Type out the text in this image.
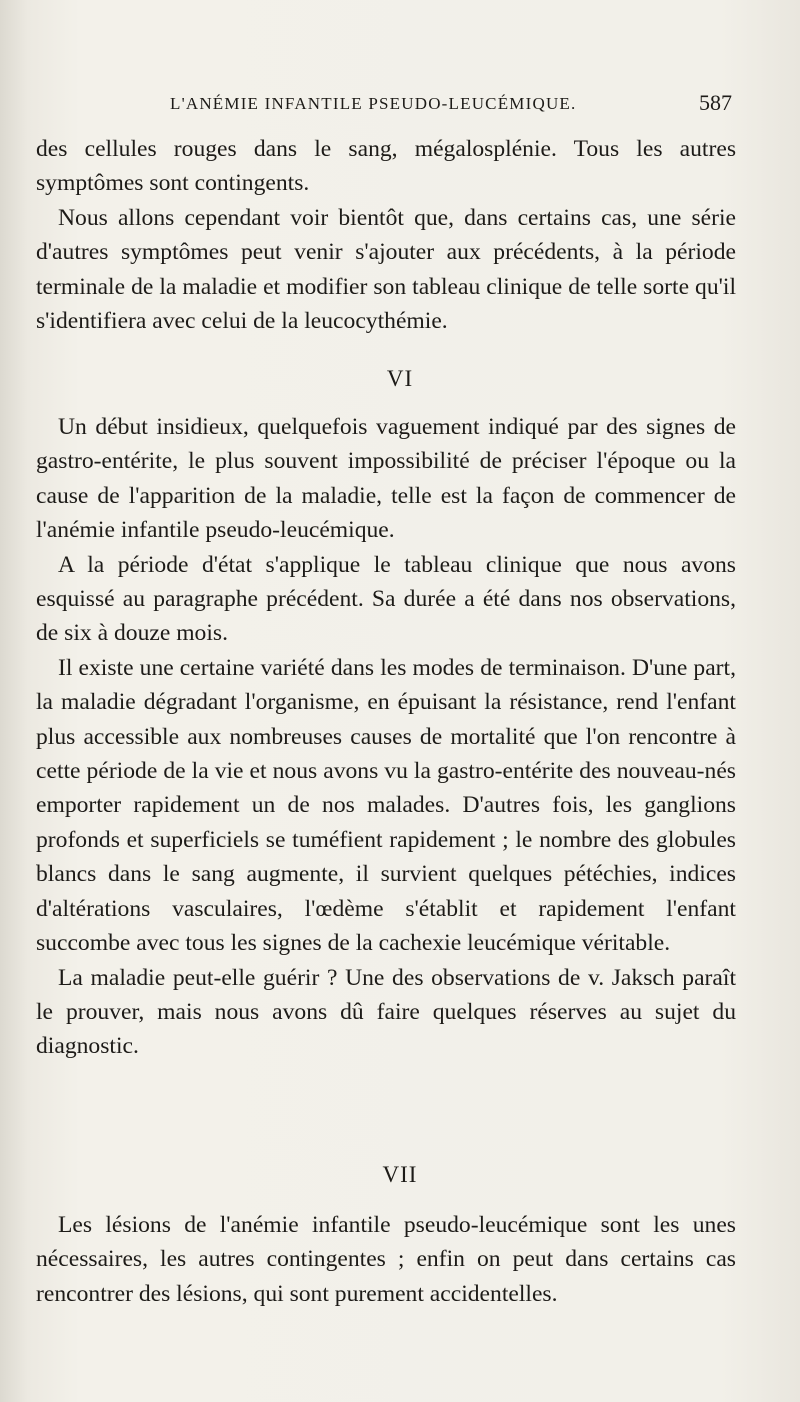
L'ANÉMIE INFANTILE PSEUDO-LEUCÉMIQUE.	587

des cellules rouges dans le sang, mégalosplénie. Tous les autres symptômes sont contingents.

Nous allons cependant voir bientôt que, dans certains cas, une série d'autres symptômes peut venir s'ajouter aux précédents, à la période terminale de la maladie et modifier son tableau clinique de telle sorte qu'il s'identifiera avec celui de la leucocythémie.

VI

Un début insidieux, quelquefois vaguement indiqué par des signes de gastro-entérite, le plus souvent impossibilité de préciser l'époque ou la cause de l'apparition de la maladie, telle est la façon de commencer de l'anémie infantile pseudo-leucémique.

A la période d'état s'applique le tableau clinique que nous avons esquissé au paragraphe précédent. Sa durée a été dans nos observations, de six à douze mois.

Il existe une certaine variété dans les modes de terminaison. D'une part, la maladie dégradant l'organisme, en épuisant la résistance, rend l'enfant plus accessible aux nombreuses causes de mortalité que l'on rencontre à cette période de la vie et nous avons vu la gastro-entérite des nouveau-nés emporter rapidement un de nos malades. D'autres fois, les ganglions profonds et superficiels se tuméfient rapidement ; le nombre des globules blancs dans le sang augmente, il survient quelques pétéchies, indices d'altérations vasculaires, l'œdème s'établit et rapidement l'enfant succombe avec tous les signes de la cachexie leucémique véritable.

La maladie peut-elle guérir ? Une des observations de v. Jaksch paraît le prouver, mais nous avons dû faire quelques réserves au sujet du diagnostic.

VII

Les lésions de l'anémie infantile pseudo-leucémique sont les unes nécessaires, les autres contingentes ; enfin on peut dans certains cas rencontrer des lésions, qui sont purement accidentelles.
